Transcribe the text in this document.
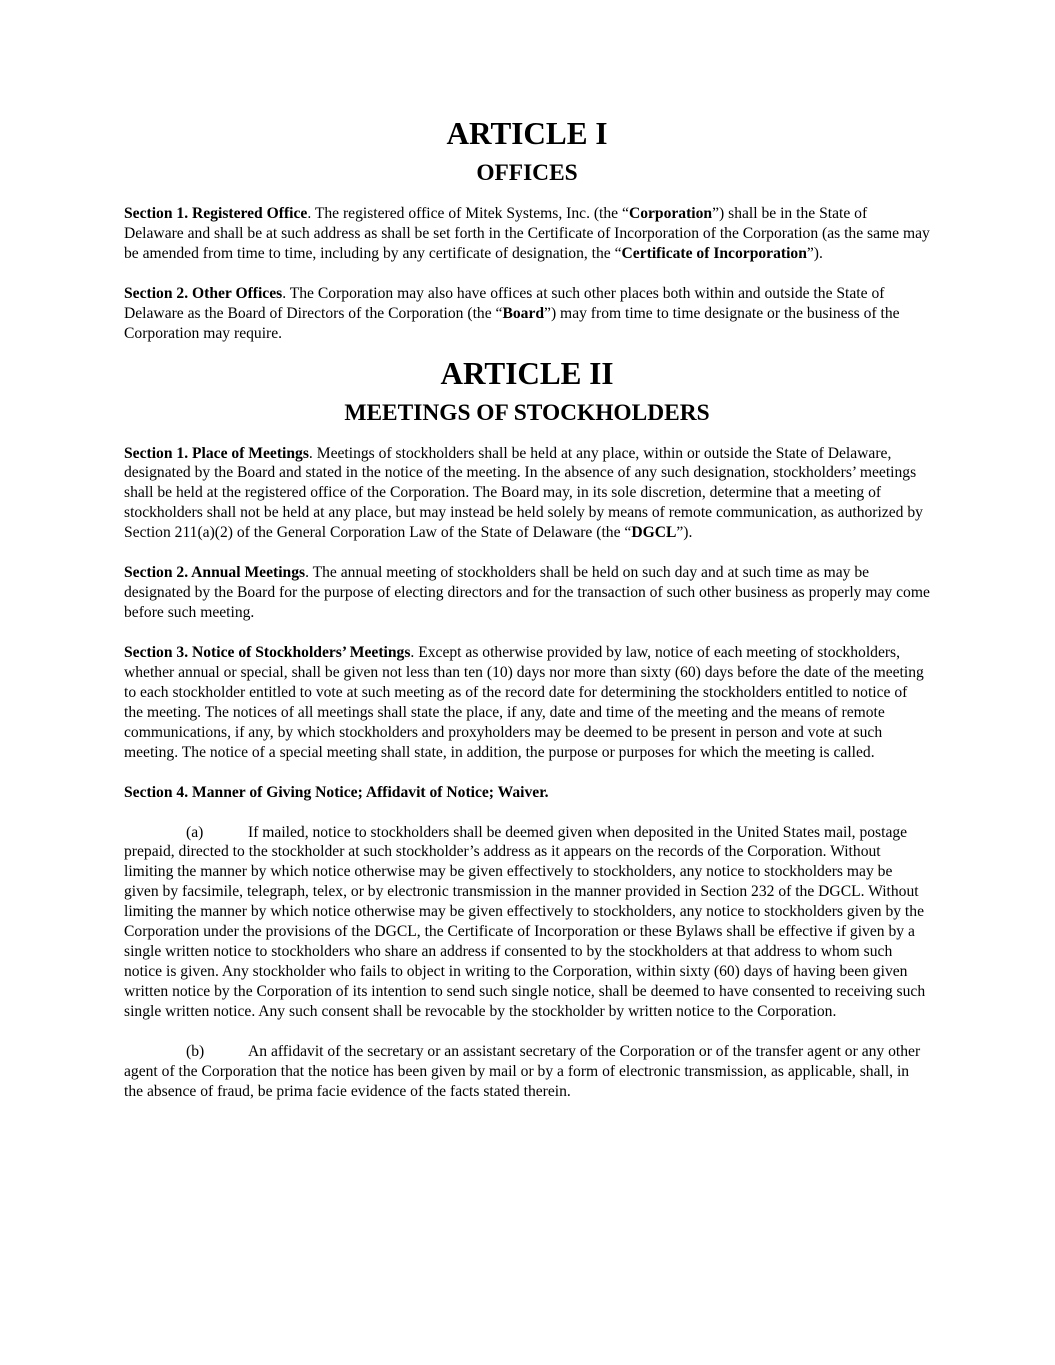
ARTICLE I
OFFICES

Section 1. Registered Office. The registered office of Mitek Systems, Inc. (the “Corporation”) shall be in the State of Delaware and shall be at such address as shall be set forth in the Certificate of Incorporation of the Corporation (as the same may be amended from time to time, including by any certificate of designation, the “Certificate of Incorporation”).

Section 2. Other Offices. The Corporation may also have offices at such other places both within and outside the State of Delaware as the Board of Directors of the Corporation (the “Board”) may from time to time designate or the business of the Corporation may require.

ARTICLE II
MEETINGS OF STOCKHOLDERS

Section 1. Place of Meetings. Meetings of stockholders shall be held at any place, within or outside the State of Delaware, designated by the Board and stated in the notice of the meeting. In the absence of any such designation, stockholders’ meetings shall be held at the registered office of the Corporation. The Board may, in its sole discretion, determine that a meeting of stockholders shall not be held at any place, but may instead be held solely by means of remote communication, as authorized by Section 211(a)(2) of the General Corporation Law of the State of Delaware (the “DGCL”).

Section 2. Annual Meetings. The annual meeting of stockholders shall be held on such day and at such time as may be designated by the Board for the purpose of electing directors and for the transaction of such other business as properly may come before such meeting.

Section 3. Notice of Stockholders’ Meetings. Except as otherwise provided by law, notice of each meeting of stockholders, whether annual or special, shall be given not less than ten (10) days nor more than sixty (60) days before the date of the meeting to each stockholder entitled to vote at such meeting as of the record date for determining the stockholders entitled to notice of the meeting. The notices of all meetings shall state the place, if any, date and time of the meeting and the means of remote communications, if any, by which stockholders and proxyholders may be deemed to be present in person and vote at such meeting. The notice of a special meeting shall state, in addition, the purpose or purposes for which the meeting is called.

Section 4. Manner of Giving Notice; Affidavit of Notice; Waiver.

(a)	If mailed, notice to stockholders shall be deemed given when deposited in the United States mail, postage prepaid, directed to the stockholder at such stockholder’s address as it appears on the records of the Corporation. Without limiting the manner by which notice otherwise may be given effectively to stockholders, any notice to stockholders may be given by facsimile, telegraph, telex, or by electronic transmission in the manner provided in Section 232 of the DGCL. Without limiting the manner by which notice otherwise may be given effectively to stockholders, any notice to stockholders given by the Corporation under the provisions of the DGCL, the Certificate of Incorporation or these Bylaws shall be effective if given by a single written notice to stockholders who share an address if consented to by the stockholders at that address to whom such notice is given. Any stockholder who fails to object in writing to the Corporation, within sixty (60) days of having been given written notice by the Corporation of its intention to send such single notice, shall be deemed to have consented to receiving such single written notice. Any such consent shall be revocable by the stockholder by written notice to the Corporation.

(b)	An affidavit of the secretary or an assistant secretary of the Corporation or of the transfer agent or any other agent of the Corporation that the notice has been given by mail or by a form of electronic transmission, as applicable, shall, in the absence of fraud, be prima facie evidence of the facts stated therein.
